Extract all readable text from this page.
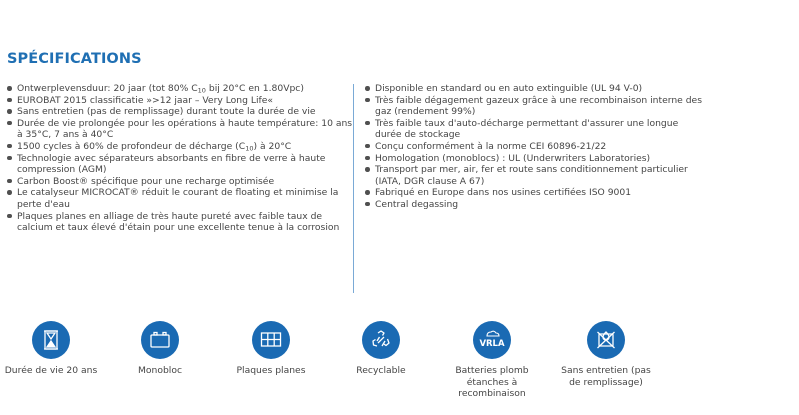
SPÉCIFICATIONS
Ontwerplevensduur: 20 jaar (tot 80% $C_{10}$ bij 20°C en 1.80Vpc)
EUROBAT 2015 classificatie »>12 jaar – Very Long Life«
Sans entretien (pas de remplissage) durant toute la durée de vie
Durée de vie prolongée pour les opérations à haute température: 10 ans à 35°C, 7 ans à 40°C
1500 cycles à 60% de profondeur de décharge $(C_{10})$ à 20°C
Technologie avec séparateurs absorbants en fibre de verre à haute compression (AGM)
Carbon Boost® spécifique pour une recharge optimisée
Le catalyseur MICROCAT® réduit le courant de floating et minimise la perte d'eau
Plaques planes en alliage de très haute pureté avec faible taux de calcium et taux élevé d'étain pour une excellente tenue à la corrosion
Disponible en standard ou en auto extinguible (UL 94 V-0)
Très faible dégagement gazeux grâce à une recombinaison interne des gaz (rendement 99%)
Très faible taux d'auto-décharge permettant d'assurer une longue durée de stockage
Conçu conformément à la norme CEI 60896-21/22
Homologation (monoblocs) : UL (Underwriters Laboratories)
Transport par mer, air, fer et route sans conditionnement particulier (IATA, DGR clause A 67)
Fabriqué en Europe dans nos usines certifiées ISO 9001
Central degassing
Durée de vie 20 ans	Monobloc	Plaques planes	Recyclable
VRLA
Batteries plomb étanches à recombinaison
Sans entretien (pas de remplissage)
